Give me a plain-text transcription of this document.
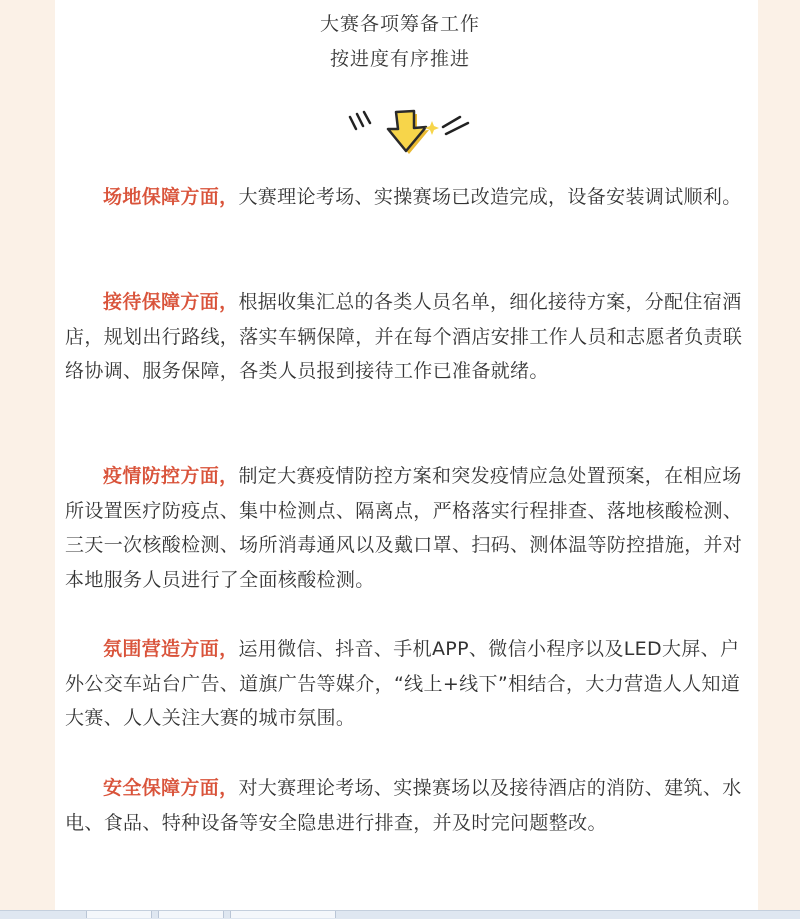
大赛各项筹备工作
按进度有序推进

场地保障方面，大赛理论考场、实操赛场已改造完成，设备安装调试顺利。

接待保障方面，根据收集汇总的各类人员名单，细化接待方案，分配住宿酒店，规划出行路线，落实车辆保障，并在每个酒店安排工作人员和志愿者负责联络协调、服务保障，各类人员报到接待工作已准备就绪。

疫情防控方面，制定大赛疫情防控方案和突发疫情应急处置预案，在相应场所设置医疗防疫点、集中检测点、隔离点，严格落实行程排查、落地核酸检测、三天一次核酸检测、场所消毒通风以及戴口罩、扫码、测体温等防控措施，并对本地服务人员进行了全面核酸检测。

氛围营造方面，运用微信、抖音、手机APP、微信小程序以及LED大屏、户外公交车站台广告、道旗广告等媒介，“线上+线下”相结合，大力营造人人知道大赛、人人关注大赛的城市氛围。

安全保障方面，对大赛理论考场、实操赛场以及接待酒店的消防、建筑、水电、食品、特种设备等安全隐患进行排查，并及时完问题整改。
